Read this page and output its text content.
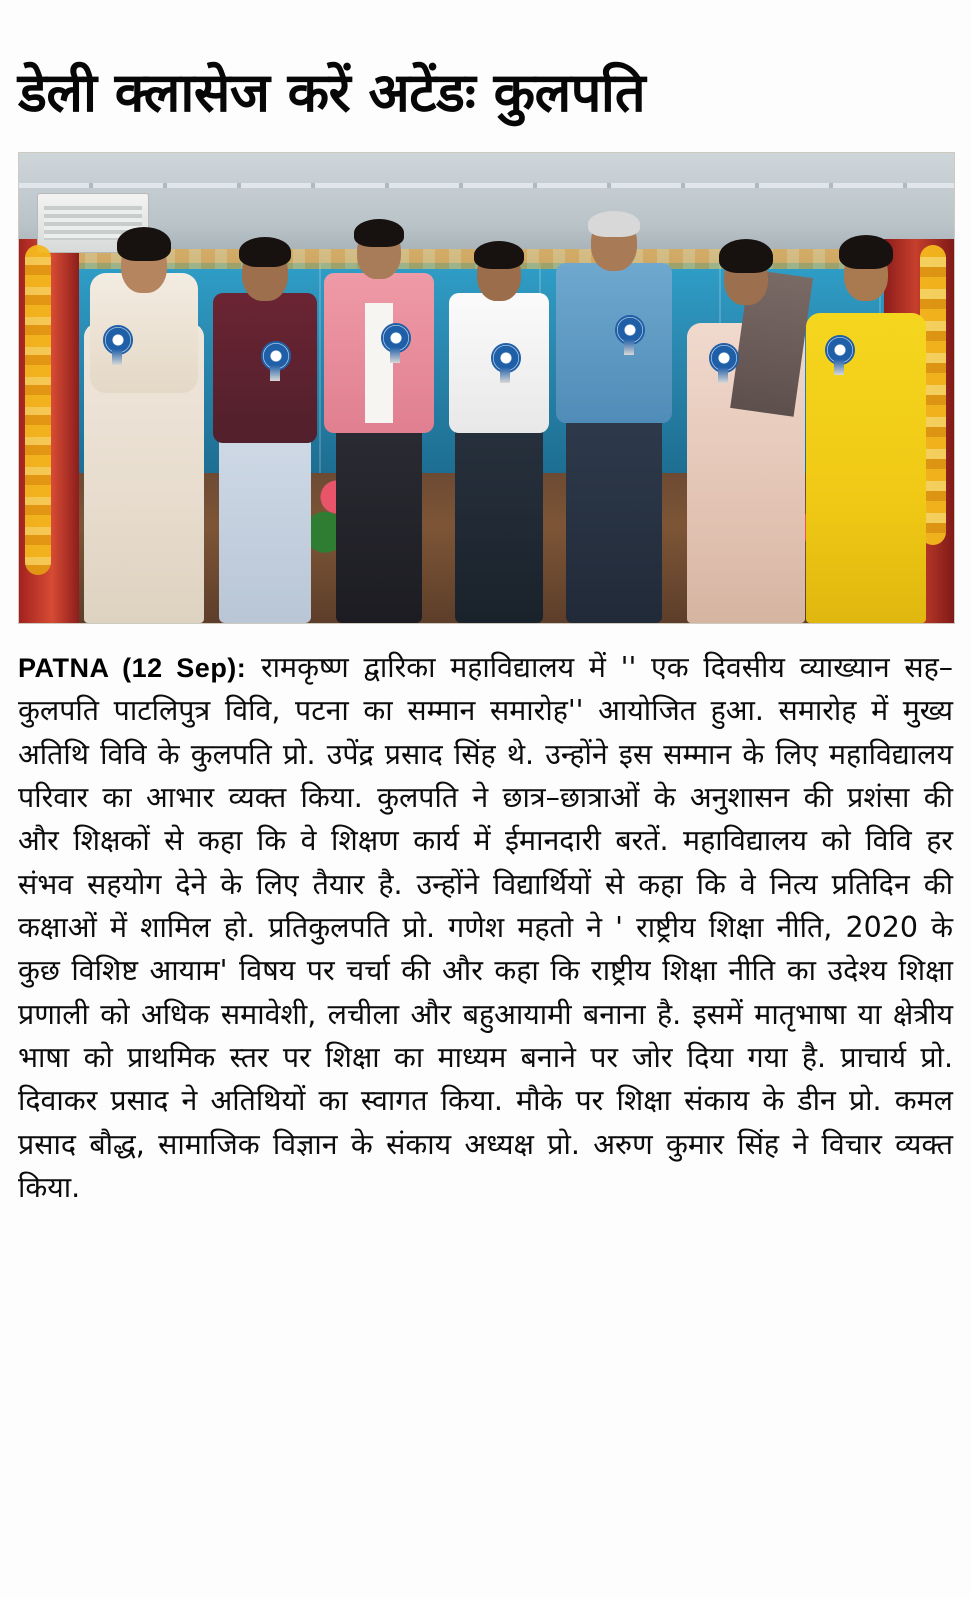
डेली क्लासेज करें अटेंडः कुलपति

PATNA (12 Sep): रामकृष्ण द्वारिका महाविद्यालय में '' एक दिवसीय व्याख्यान सह– कुलपति पाटलिपुत्र विवि, पटना का सम्मान समारोह'' आयोजित हुआ. समारोह में मुख्य अतिथि विवि के कुलपति प्रो. उपेंद्र प्रसाद सिंह थे. उन्होंने इस सम्मान के लिए महाविद्यालय परिवार का आभार व्यक्त किया. कुलपति ने छात्र–छात्राओं के अनुशासन की प्रशंसा की और शिक्षकों से कहा कि वे शिक्षण कार्य में ईमानदारी बरतें. महाविद्यालय को विवि हर संभव सहयोग देने के लिए तैयार है. उन्होंने विद्यार्थियों से कहा कि वे नित्य प्रतिदिन की कक्षाओं में शामिल हो. प्रतिकुलपति प्रो. गणेश महतो ने ' राष्ट्रीय शिक्षा नीति, 2020 के कुछ विशिष्ट आयाम' विषय पर चर्चा की और कहा कि राष्ट्रीय शिक्षा नीति का उदेश्य शिक्षा प्रणाली को अधिक समावेशी, लचीला और बहुआयामी बनाना है. इसमें मातृभाषा या क्षेत्रीय भाषा को प्राथमिक स्तर पर शिक्षा का माध्यम बनाने पर जोर दिया गया है. प्राचार्य प्रो. दिवाकर प्रसाद ने अतिथियों का स्वागत किया. मौके पर शिक्षा संकाय के डीन प्रो. कमल प्रसाद बौद्ध, सामाजिक विज्ञान के संकाय अध्यक्ष प्रो. अरुण कुमार सिंह ने विचार व्यक्त किया.
